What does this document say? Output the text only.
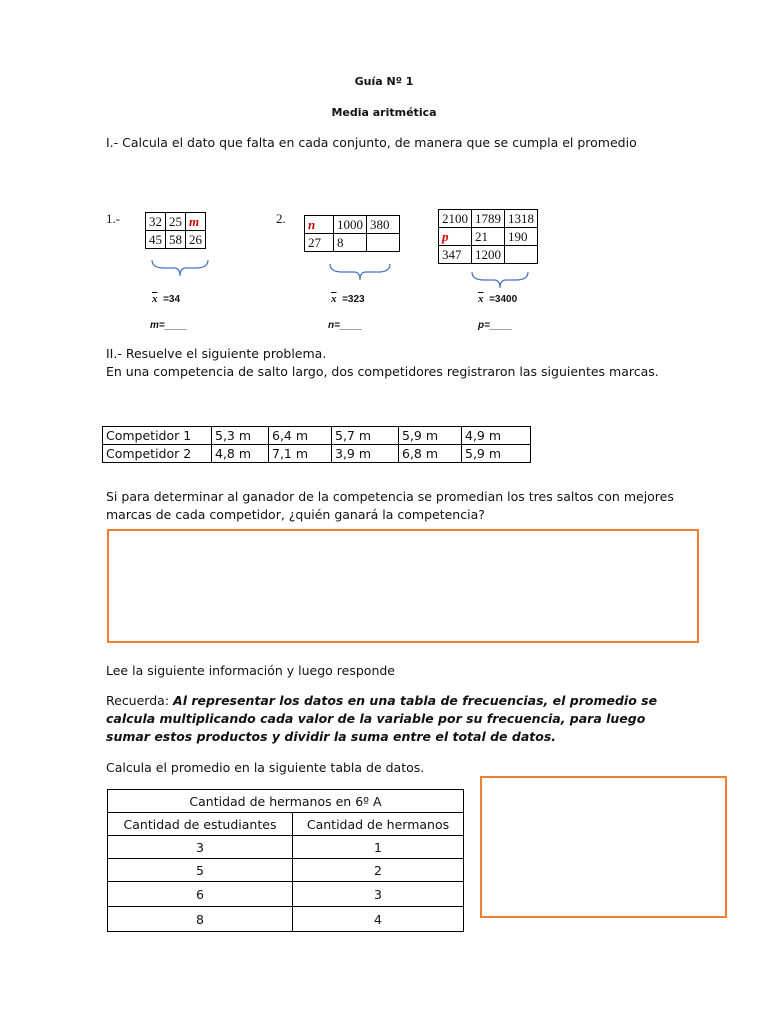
Guía Nº 1
Media aritmética
I.- Calcula el dato que falta en cada conjunto, de manera que se cumpla el promedio
1.- 32	25	m
45	58	26
$\overline{x} =34$
m=____
2. n	1000	380
27	8	
$\overline{x} =323$
n=____
2100	1789	1318
p	21	190
347	1200	
$\overline{x} =3400$
p=____
II.- Resuelve el siguiente problema.
En una competencia de salto largo, dos competidores registraron las siguientes marcas.
Competidor 1	5,3 m	6,4 m	5,7 m	5,9 m	4,9 m
Competidor 2	4,8 m	7,1 m	3,9 m	6,8 m	5,9 m
Si para determinar al ganador de la competencia se promedian los tres saltos con mejores marcas de cada competidor, ¿quién ganará la competencia?
Lee la siguiente información y luego responde
Recuerda: Al representar los datos en una tabla de frecuencias, el promedio se calcula multiplicando cada valor de la variable por su frecuencia, para luego sumar estos productos y dividir la suma entre el total de datos.
Calcula el promedio en la siguiente tabla de datos.
Cantidad de hermanos en 6º A	
Cantidad de estudiantes	Cantidad de hermanos
3	1
5	2
6	3
8	4
